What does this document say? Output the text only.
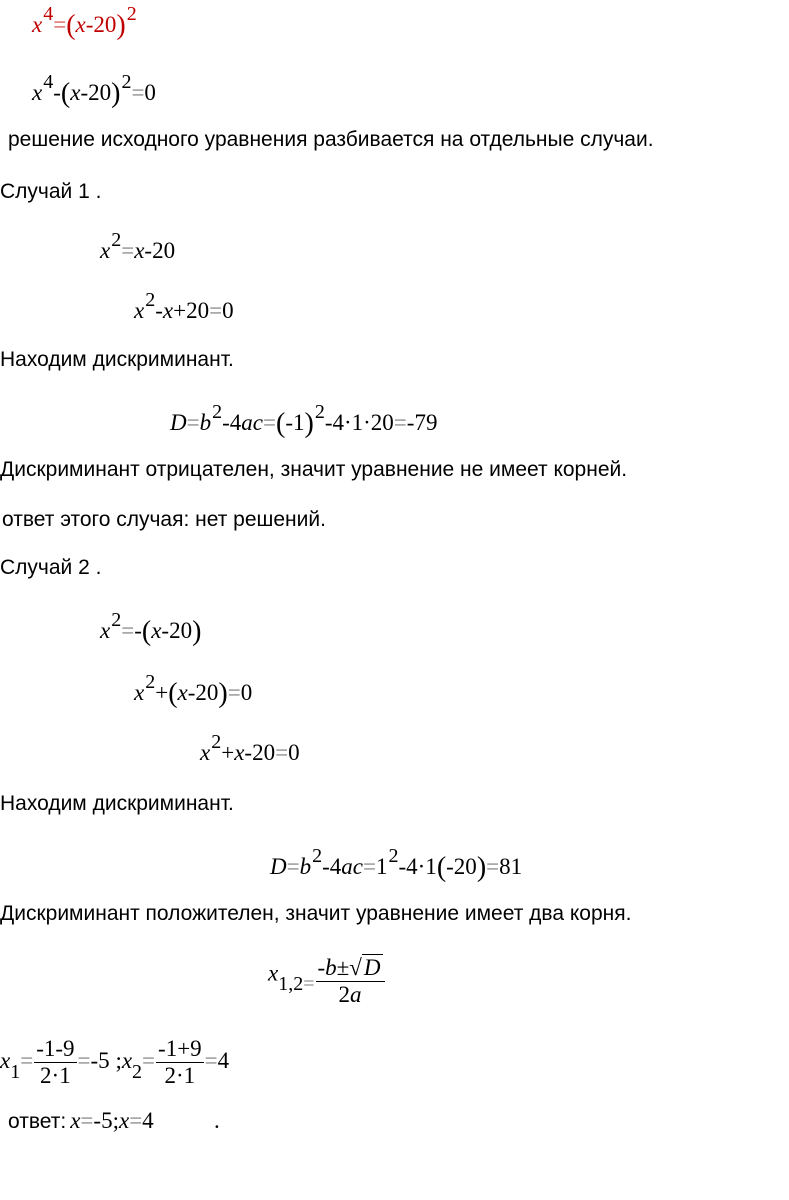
x4=(x-20)2
x4-(x-20)2=0
решение исходного уравнения разбивается на отдельные случаи.
Случай 1 .
x2=x-20
x2-x+20=0
Находим дискриминант.
D=b2-4ac=(-1)2-4·1·20=-79
Дискриминант отрицателен, значит уравнение не имеет корней.
ответ этого случая: нет решений.
Случай 2 .
x2=-(x-20)
x2+(x-20)=0
x2+x-20=0
Находим дискриминант.
D=b2-4ac=12-4·1(-20)=81
Дискриминант положителен, значит уравнение имеет два корня.
$x1,2= \frac{-b\pm√D}{2a}$
$x1= \frac{-1-9}{2\cdot 1} =-5$ ;x2= $\frac{-1+9}{2\cdot 1} =4$
ответ: x=-5;x=4	.
